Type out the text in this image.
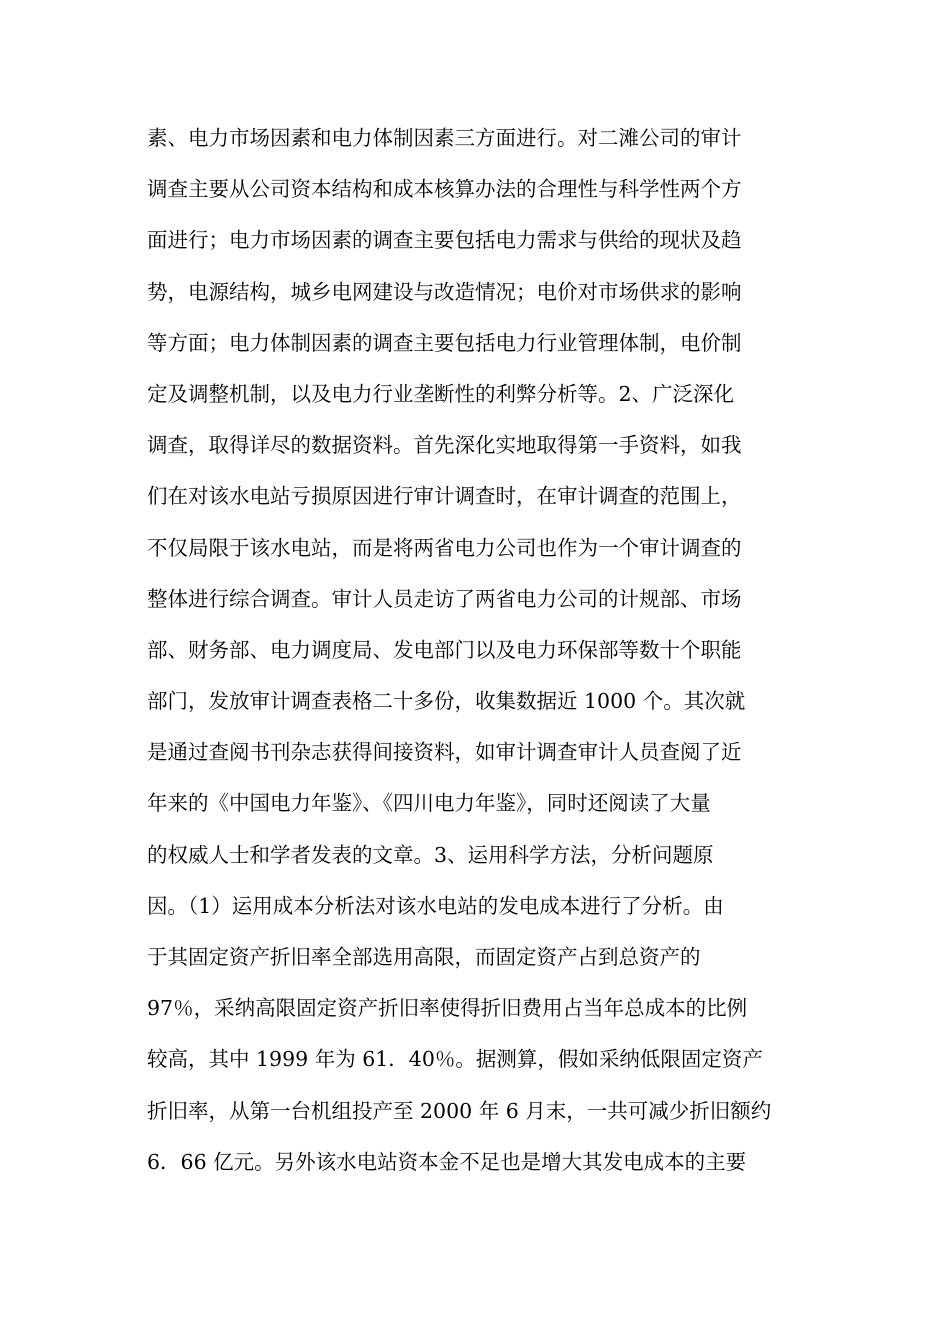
素、电力市场因素和电力体制因素三方面进行。对二滩公司的审计
调查主要从公司资本结构和成本核算办法的合理性与科学性两个方
面进行；电力市场因素的调查主要包括电力需求与供给的现状及趋
势，电源结构，城乡电网建设与改造情况；电价对市场供求的影响
等方面；电力体制因素的调查主要包括电力行业管理体制，电价制
定及调整机制，以及电力行业垄断性的利弊分析等。2、广泛深化
调查，取得详尽的数据资料。首先深化实地取得第一手资料，如我
们在对该水电站亏损原因进行审计调查时，在审计调查的范围上，
不仅局限于该水电站，而是将两省电力公司也作为一个审计调查的
整体进行综合调查。审计人员走访了两省电力公司的计规部、市场
部、财务部、电力调度局、发电部门以及电力环保部等数十个职能
部门，发放审计调查表格二十多份，收集数据近 1000 个。其次就
是通过查阅书刊杂志获得间接资料，如审计调查审计人员查阅了近
年来的《中国电力年鉴》、《四川电力年鉴》，同时还阅读了大量
的权威人士和学者发表的文章。3、运用科学方法，分析问题原
因。（1）运用成本分析法对该水电站的发电成本进行了分析。由
于其固定资产折旧率全部选用高限，而固定资产占到总资产的
97％，采纳高限固定资产折旧率使得折旧费用占当年总成本的比例
较高，其中 1999 年为 61．40％。据测算，假如采纳低限固定资产
折旧率，从第一台机组投产至 2000 年 6 月末，一共可减少折旧额约
6．66 亿元。另外该水电站资本金不足也是增大其发电成本的主要
